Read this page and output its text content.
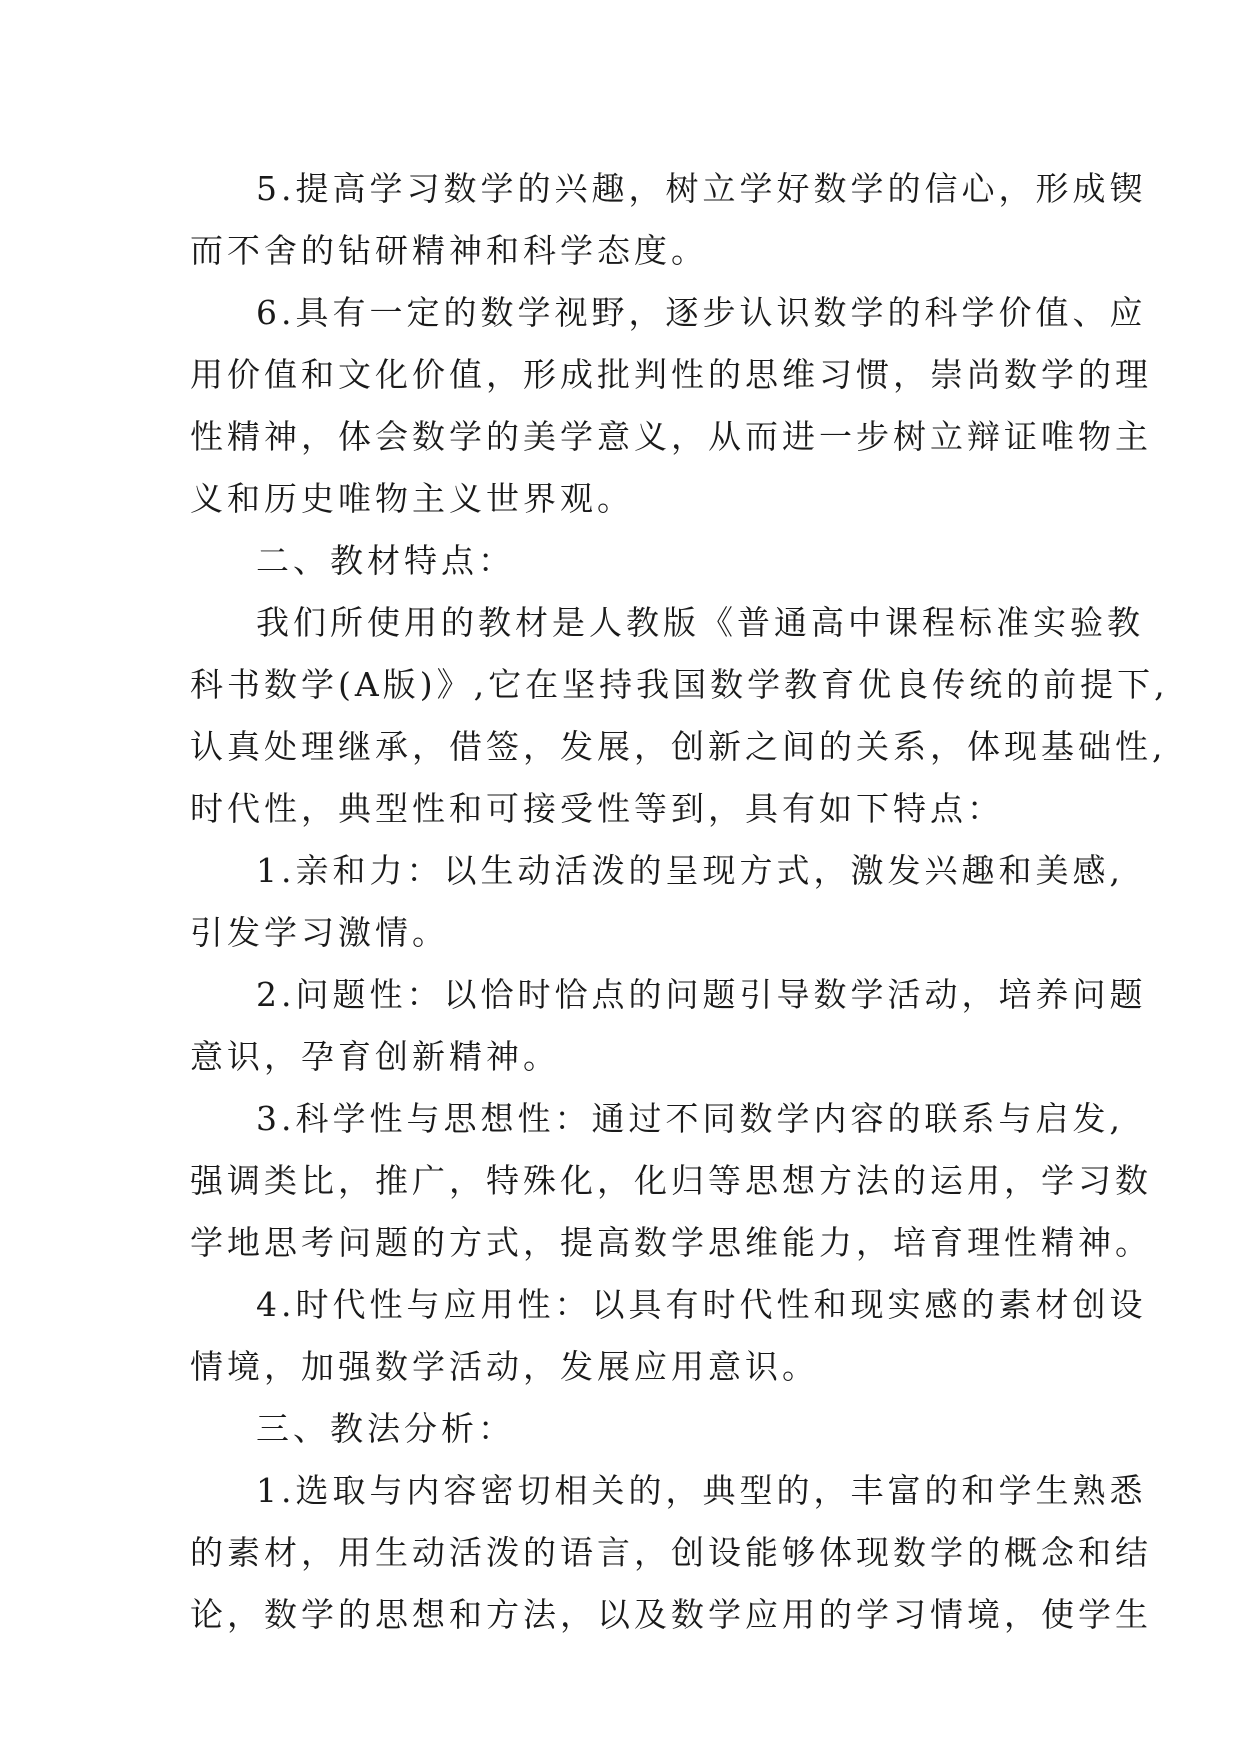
5.提高学习数学的兴趣，树立学好数学的信心，形成锲
而不舍的钻研精神和科学态度。
6.具有一定的数学视野，逐步认识数学的科学价值、应
用价值和文化价值，形成批判性的思维习惯，崇尚数学的理
性精神，体会数学的美学意义，从而进一步树立辩证唯物主
义和历史唯物主义世界观。
二、教材特点：
我们所使用的教材是人教版《普通高中课程标准实验教
科书数学(A版)》,它在坚持我国数学教育优良传统的前提下,
认真处理继承，借签，发展，创新之间的关系，体现基础性,
时代性，典型性和可接受性等到，具有如下特点：
1.亲和力：以生动活泼的呈现方式，激发兴趣和美感,
引发学习激情。
2.问题性：以恰时恰点的问题引导数学活动，培养问题
意识，孕育创新精神。
3.科学性与思想性：通过不同数学内容的联系与启发,
强调类比，推广，特殊化，化归等思想方法的运用，学习数
学地思考问题的方式，提高数学思维能力，培育理性精神。
4.时代性与应用性：以具有时代性和现实感的素材创设
情境，加强数学活动，发展应用意识。
三、教法分析：
1.选取与内容密切相关的，典型的，丰富的和学生熟悉
的素材，用生动活泼的语言，创设能够体现数学的概念和结
论，数学的思想和方法，以及数学应用的学习情境，使学生
